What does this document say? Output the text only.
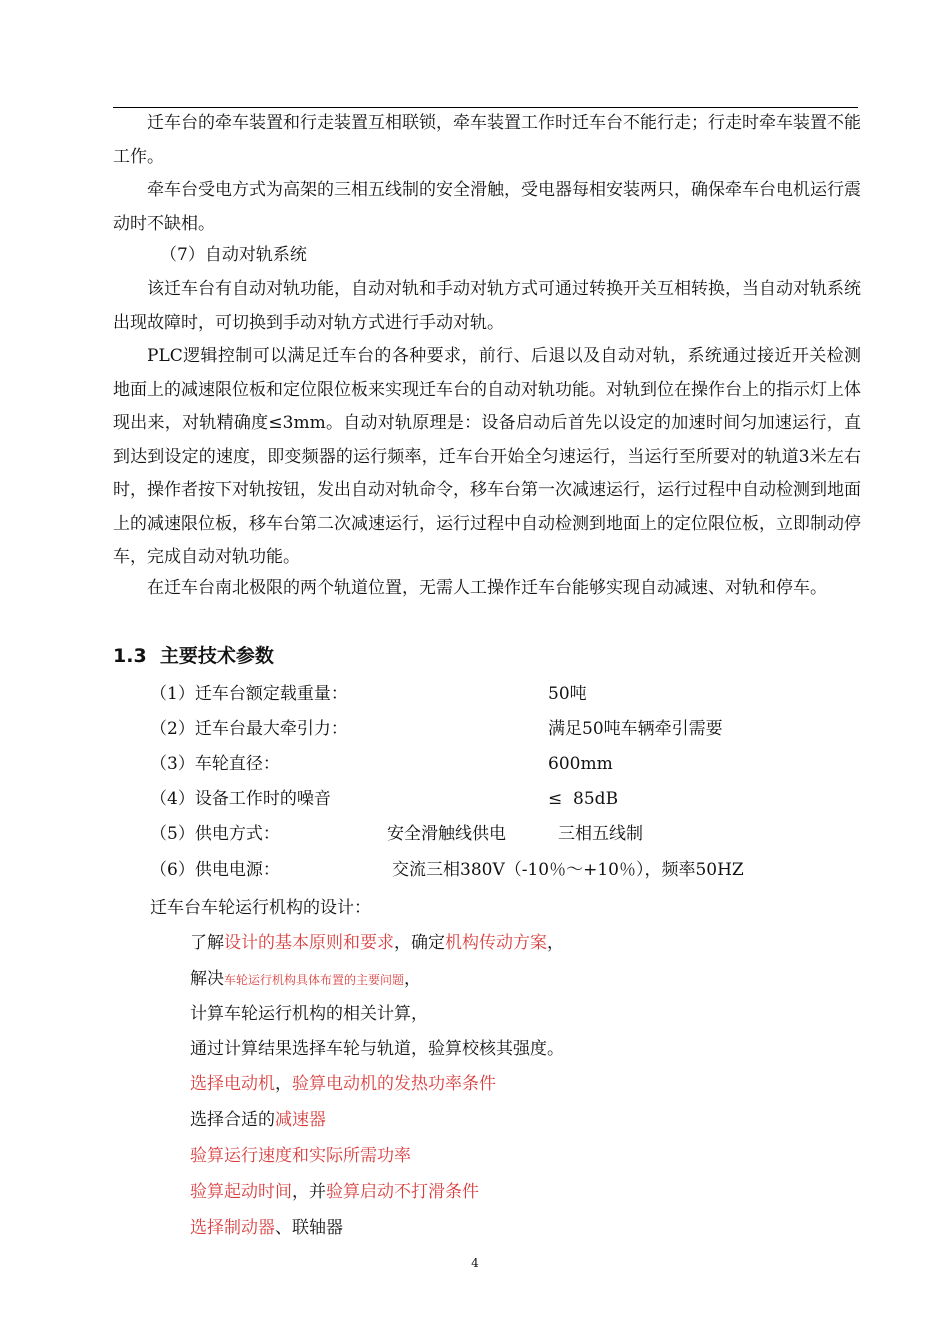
迁车台的牵车装置和行走装置互相联锁，牵车装置工作时迁车台不能行走；行走时牵车装置不能工作。
牵车台受电方式为高架的三相五线制的安全滑触，受电器每相安装两只，确保牵车台电机运行震动时不缺相。
（7）自动对轨系统
该迁车台有自动对轨功能，自动对轨和手动对轨方式可通过转换开关互相转换，当自动对轨系统出现故障时，可切换到手动对轨方式进行手动对轨。
PLC逻辑控制可以满足迁车台的各种要求，前行、后退以及自动对轨，系统通过接近开关检测地面上的减速限位板和定位限位板来实现迁车台的自动对轨功能。对轨到位在操作台上的指示灯上体现出来，对轨精确度≤3mm。自动对轨原理是：设备启动后首先以设定的加速时间匀加速运行，直到达到设定的速度，即变频器的运行频率，迁车台开始全匀速运行，当运行至所要对的轨道3米左右时，操作者按下对轨按钮，发出自动对轨命令，移车台第一次减速运行，运行过程中自动检测到地面上的减速限位板，移车台第二次减速运行，运行过程中自动检测到地面上的定位限位板，立即制动停车，完成自动对轨功能。
在迁车台南北极限的两个轨道位置，无需人工操作迁车台能够实现自动减速、对轨和停车。
1.3 主要技术参数
（1）迁车台额定载重量：	50吨
（2）迁车台最大牵引力：	满足50吨车辆牵引需要
（3）车轮直径：	600mm
（4）设备工作时的噪音	≤  85dB
（5）供电方式：	安全滑触线供电	三相五线制
（6）供电电源：	交流三相380V（-10％～+10％），频率50HZ
迁车台车轮运行机构的设计：
了解设计的基本原则和要求，确定机构传动方案，
解决车轮运行机构具体布置的主要问题，
计算车轮运行机构的相关计算，
通过计算结果选择车轮与轨道，验算校核其强度。
选择电动机，验算电动机的发热功率条件
选择合适的减速器
验算运行速度和实际所需功率
验算起动时间，并验算启动不打滑条件
选择制动器、联轴器
4
